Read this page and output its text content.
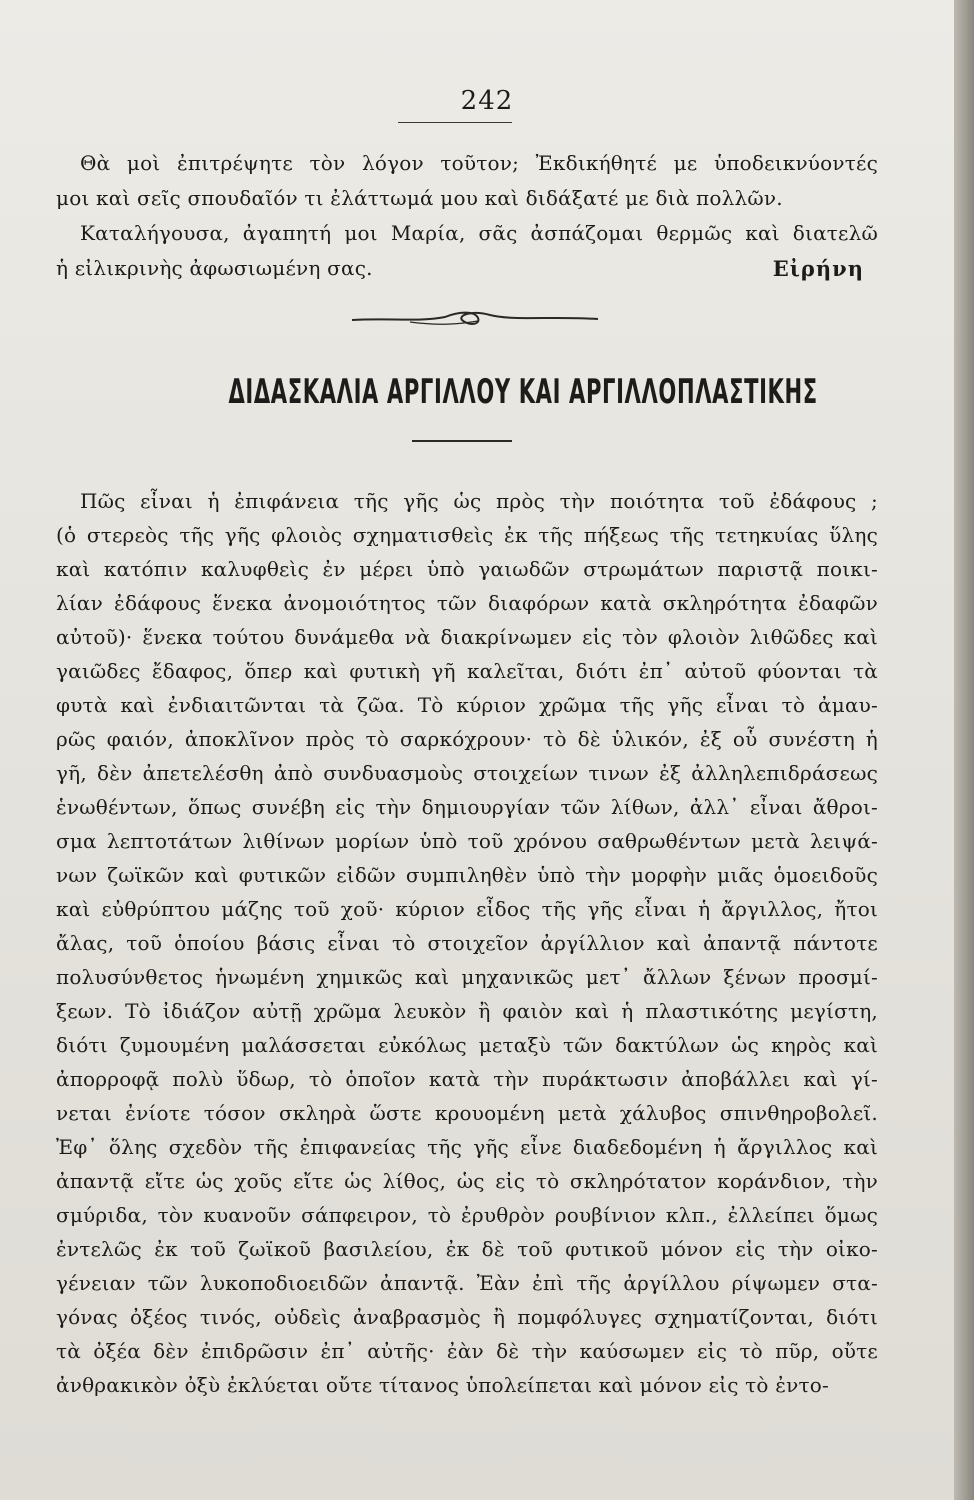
242
Θὰ μοὶ ἐπιτρέψητε τὸν λόγον τοῦτον; Ἐκδικήθητέ με ὑποδεικνύοντές
μοι καὶ σεῖς σπουδαῖόν τι ἐλάττωμά μου καὶ διδάξατέ με διὰ πολλῶν.
Καταλήγουσα, ἀγαπητή μοι Μαρία, σᾶς ἀσπάζομαι θερμῶς καὶ διατελῶ
ἡ εἰλικρινὴς ἀφωσιωμένη σας.	Εἰρήνη
ΔΙΔΑΣΚΑΛΙΑ ΑΡΓΙΛΛΟΥ ΚΑΙ ΑΡΓΙΛΛΟΠΛΑΣΤΙΚΗΣ
Πῶς εἶναι ἡ ἐπιφάνεια τῆς γῆς ὡς πρὸς τὴν ποιότητα τοῦ ἐδάφους ;
(ὁ στερεὸς τῆς γῆς φλοιὸς σχηματισθεὶς ἐκ τῆς πήξεως τῆς τετηκυίας ὕλης
καὶ κατόπιν καλυφθεὶς ἐν μέρει ὑπὸ γαιωδῶν στρωμάτων παριστᾷ ποικι-
λίαν ἐδάφους ἕνεκα ἀνομοιότητος τῶν διαφόρων κατὰ σκληρότητα ἐδαφῶν
αὐτοῦ)· ἕνεκα τούτου δυνάμεθα νὰ διακρίνωμεν εἰς τὸν φλοιὸν λιθῶδες καὶ
γαιῶδες ἔδαφος, ὅπερ καὶ φυτικὴ γῆ καλεῖται, διότι ἐπ᾽ αὐτοῦ φύονται τὰ
φυτὰ καὶ ἐνδιαιτῶνται τὰ ζῶα. Τὸ κύριον χρῶμα τῆς γῆς εἶναι τὸ ἀμαυ-
ρῶς φαιόν, ἀποκλῖνον πρὸς τὸ σαρκόχρουν· τὸ δὲ ὑλικόν, ἐξ οὗ συνέστη ἡ
γῆ, δὲν ἀπετελέσθη ἀπὸ συνδυασμοὺς στοιχείων τινων ἐξ ἀλληλεπιδράσεως
ἑνωθέντων, ὅπως συνέβη εἰς τὴν δημιουργίαν τῶν λίθων, ἀλλ᾽ εἶναι ἄθροι-
σμα λεπτοτάτων λιθίνων μορίων ὑπὸ τοῦ χρόνου σαθρωθέντων μετὰ λειψά-
νων ζωϊκῶν καὶ φυτικῶν εἰδῶν συμπιληθὲν ὑπὸ τὴν μορφὴν μιᾶς ὁμοειδοῦς
καὶ εὐθρύπτου μάζης τοῦ χοῦ· κύριον εἶδος τῆς γῆς εἶναι ἡ ἄργιλλος, ἤτοι
ἄλας, τοῦ ὁποίου βάσις εἶναι τὸ στοιχεῖον ἀργίλλιον καὶ ἀπαντᾷ πάντοτε
πολυσύνθετος ἡνωμένη χημικῶς καὶ μηχανικῶς μετ᾽ ἄλλων ξένων προσμί-
ξεων. Τὸ ἰδιάζον αὐτῇ χρῶμα λευκὸν ἢ φαιὸν καὶ ἡ πλαστικότης μεγίστη,
διότι ζυμουμένη μαλάσσεται εὐκόλως μεταξὺ τῶν δακτύλων ὡς κηρὸς καὶ
ἀπορροφᾷ πολὺ ὕδωρ, τὸ ὁποῖον κατὰ τὴν πυράκτωσιν ἀποβάλλει καὶ γί-
νεται ἐνίοτε τόσον σκληρὰ ὥστε κρουομένη μετὰ χάλυβος σπινθηροβολεῖ.
Ἐφ᾽ ὅλης σχεδὸν τῆς ἐπιφανείας τῆς γῆς εἶνε διαδεδομένη ἡ ἄργιλλος καὶ
ἀπαντᾷ εἴτε ὡς χοῦς εἴτε ὡς λίθος, ὡς εἰς τὸ σκληρότατον κοράνδιον, τὴν
σμύριδα, τὸν κυανοῦν σάπφειρον, τὸ ἐρυθρὸν ρουβίνιον κλπ., ἐλλείπει ὅμως
ἐντελῶς ἐκ τοῦ ζωϊκοῦ βασιλείου, ἐκ δὲ τοῦ φυτικοῦ μόνον εἰς τὴν οἰκο-
γένειαν τῶν λυκοποδιοειδῶν ἀπαντᾷ. Ἐὰν ἐπὶ τῆς ἀργίλλου ρίψωμεν στα-
γόνας ὀξέος τινός, οὐδεὶς ἀναβρασμὸς ἢ πομφόλυγες σχηματίζονται, διότι
τὰ ὀξέα δὲν ἐπιδρῶσιν ἐπ᾽ αὐτῆς· ἐὰν δὲ τὴν καύσωμεν εἰς τὸ πῦρ, οὔτε
ἀνθρακικὸν ὀξὺ ἐκλύεται οὔτε τίτανος ὑπολείπεται καὶ μόνον εἰς τὸ ἐντο-
